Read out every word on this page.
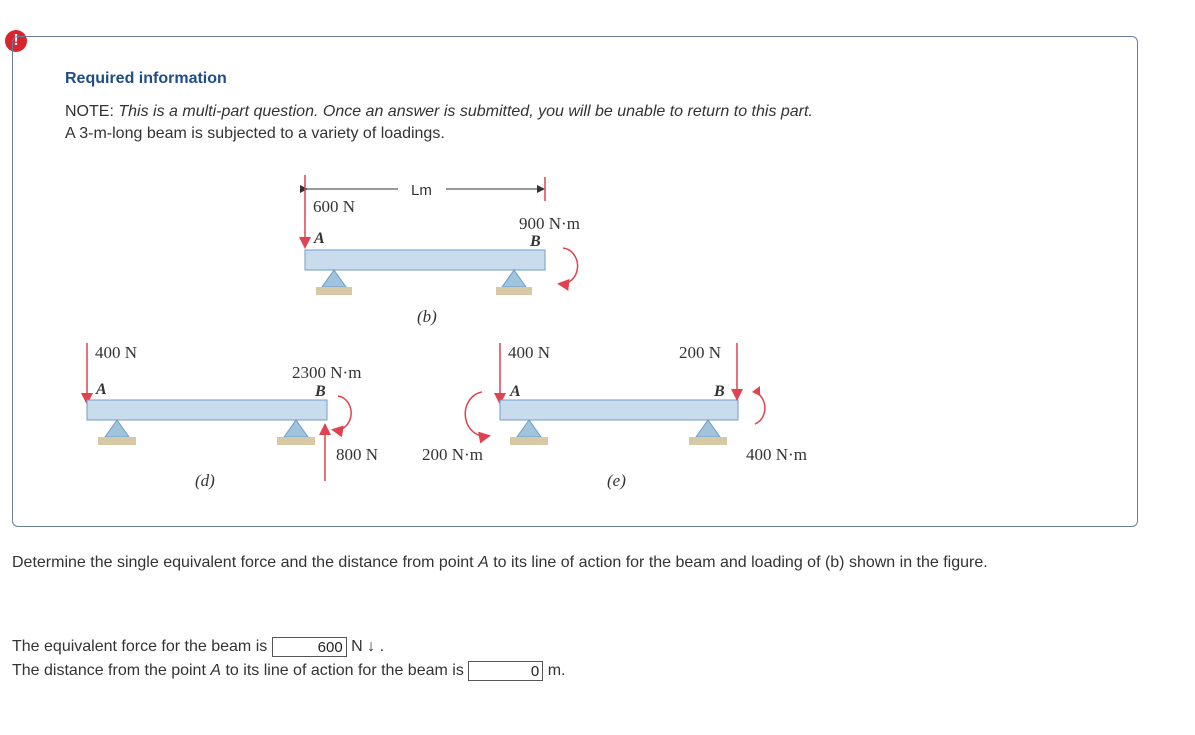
!
Required information
NOTE: This is a multi-part question. Once an answer is submitted, you will be unable to return to this part.
A 3-m-long beam is subjected to a variety of loadings.
Lm
600 N
A
900 N·m
B
(b)
400 N
A
2300 N·m
B
800 N
(d)
400 N
A
200 N·m
200 N
B
400 N·m
(e)
Determine the single equivalent force and the distance from point A to its line of action for the beam and loading of (b) shown in the figure.
The equivalent force for the beam is	600 N ↓ .
The distance from the point A to its line of action for the beam is	0 m.
